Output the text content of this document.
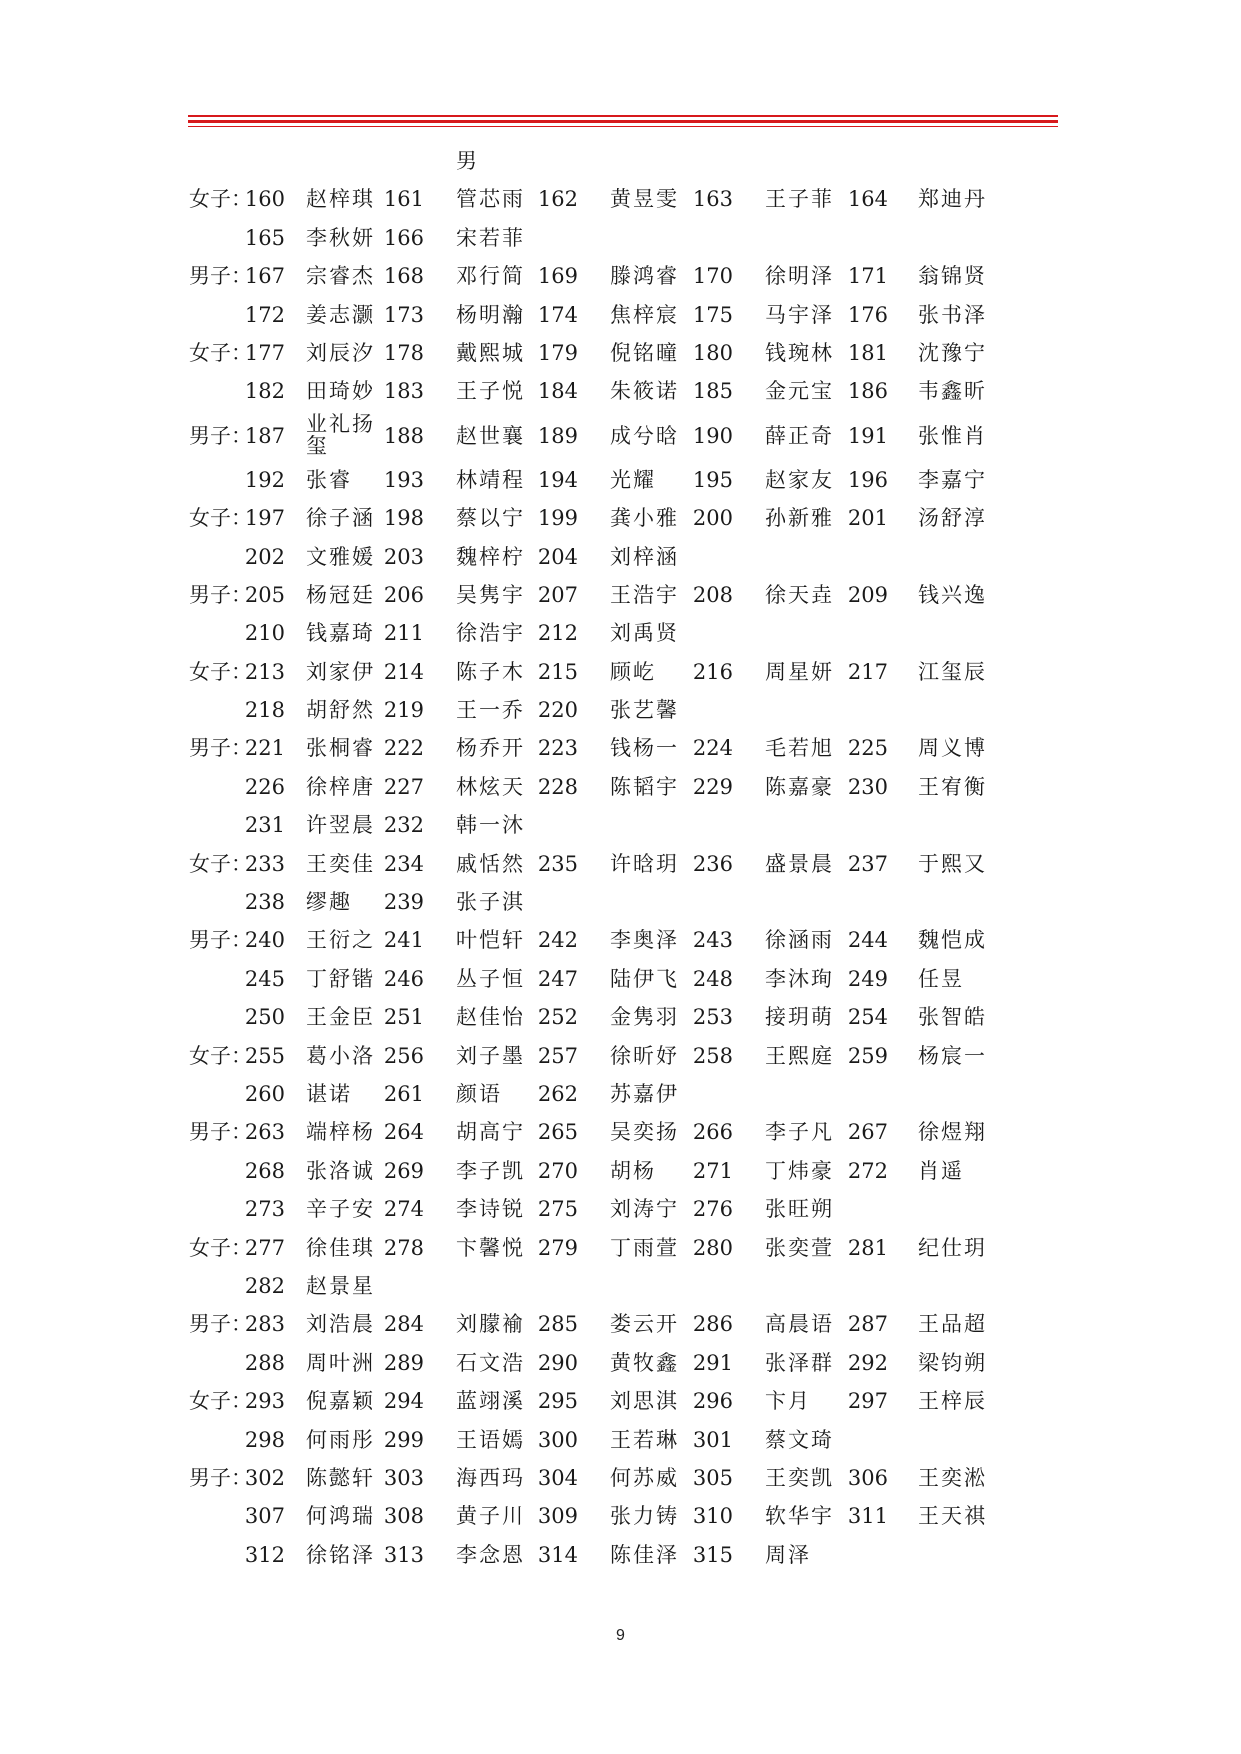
男
女子：
160 赵梓琪 161 管芯雨 162 黄昱雯 163 王子菲 164 郑迪丹
165 李秋妍 166 宋若菲
男子：
167 宗睿杰 168 邓行简 169 滕鸿睿 170 徐明泽 171 翁锦贤
172 姜志灏 173 杨明瀚 174 焦梓宸 175 马宇泽 176 张书泽
女子：
177 刘辰汐 178 戴熙城 179 倪铭曈 180 钱琬林 181 沈豫宁
182 田琦妙 183 王子悦 184 朱筱诺 185 金元宝 186 韦鑫昕
男子：
187 业礼扬玺	188 赵世襄 189 成兮晗 190 薛正奇 191 张惟肖
192 张睿	193 林靖程 194 光耀	195 赵家友 196 李嘉宁
女子：
197 徐子涵 198 蔡以宁 199 龚小雅 200 孙新雅 201 汤舒淳
202 文雅媛 203 魏梓柠 204 刘梓涵
男子：
205 杨冠廷 206 吴隽宇 207 王浩宇 208 徐天垚 209 钱兴逸
210 钱嘉琦 211 徐浩宇 212 刘禹贤
女子：
213 刘家伊 214 陈子木 215 顾屹	216 周星妍 217 江玺辰
218 胡舒然 219 王一乔 220 张艺馨
男子：
221 张桐睿 222 杨乔开 223 钱杨一 224 毛若旭 225 周义博
226 徐梓唐 227 林炫天 228 陈韬宇 229 陈嘉豪 230 王宥衡
231 许翌晨 232 韩一沐
女子：
233 王奕佳 234 戚恬然 235 许晗玥 236 盛景晨 237 于熙又
238 缪趣	239 张子淇
男子：
240 王衍之 241 叶恺轩 242 李奥泽 243 徐涵雨 244 魏恺成
245 丁舒锴 246 丛子恒 247 陆伊飞 248 李沐珣 249 任昱
250 王金臣 251 赵佳怡 252 金隽羽 253 接玥萌 254 张智皓
女子：
255 葛小洛 256 刘子墨 257 徐昕妤 258 王熙庭 259 杨宸一
260 谌诺	261 颜语	262 苏嘉伊
男子：
263 端梓杨 264 胡高宁 265 吴奕扬 266 李子凡 267 徐煜翔
268 张洛诚 269 李子凯 270 胡杨	271 丁炜豪 272 肖遥
273 辛子安 274 李诗锐 275 刘涛宁 276 张旺朔
女子：
277 徐佳琪 278 卞馨悦 279 丁雨萱 280 张奕萱 281 纪仕玥
282 赵景星
男子：
283 刘浩晨 284 刘朦褕 285 娄云开 286 高晨语 287 王品超
288 周叶洲 289 石文浩 290 黄牧鑫 291 张泽群 292 梁钧朔
女子：
293 倪嘉颖 294 蓝翊溪 295 刘思淇 296 卞月	297 王梓辰
298 何雨彤 299 王语嫣 300 王若琳 301 蔡文琦
男子：
302 陈懿轩 303 海西玛 304 何苏威 305 王奕凯 306 王奕淞
307 何鸿瑞 308 黄子川 309 张力铸 310 软华宇 311 王天祺
312 徐铭泽 313 李念恩 314 陈佳泽 315 周泽
9
